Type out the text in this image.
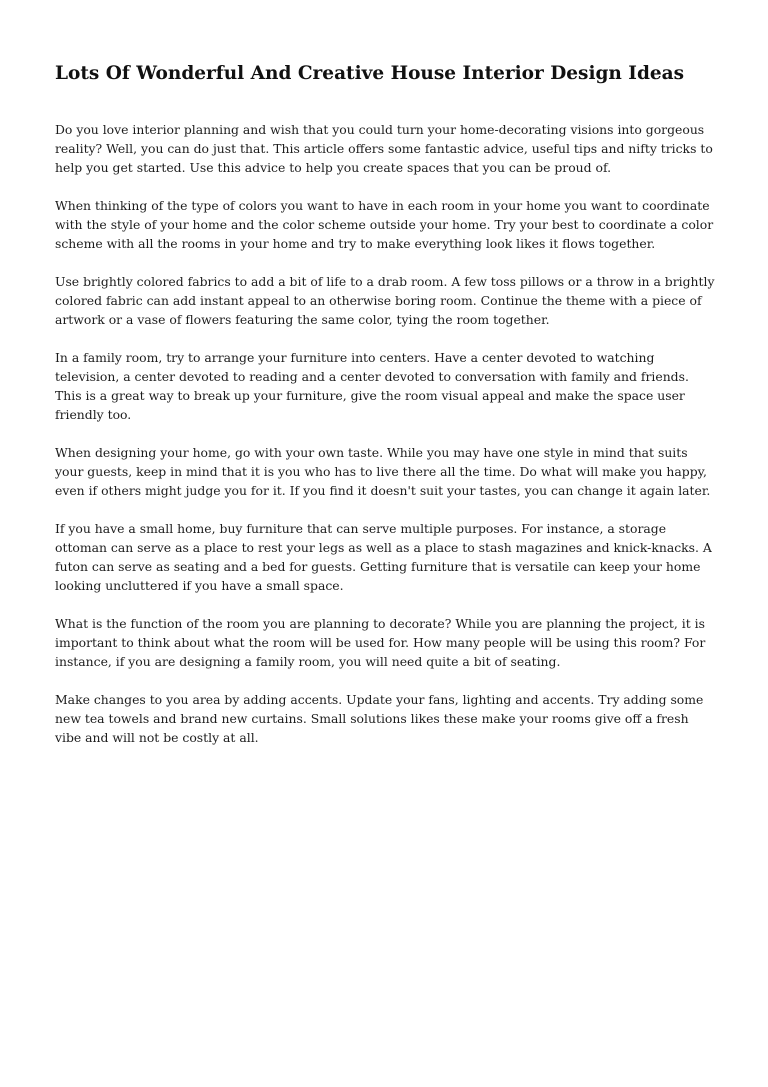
Lots Of Wonderful And Creative House Interior Design Ideas

Do you love interior planning and wish that you could turn your home-decorating visions into gorgeous reality? Well, you can do just that. This article offers some fantastic advice, useful tips and nifty tricks to help you get started. Use this advice to help you create spaces that you can be proud of.

When thinking of the type of colors you want to have in each room in your home you want to coordinate with the style of your home and the color scheme outside your home. Try your best to coordinate a color scheme with all the rooms in your home and try to make everything look likes it flows together.

Use brightly colored fabrics to add a bit of life to a drab room. A few toss pillows or a throw in a brightly colored fabric can add instant appeal to an otherwise boring room. Continue the theme with a piece of artwork or a vase of flowers featuring the same color, tying the room together.

In a family room, try to arrange your furniture into centers. Have a center devoted to watching television, a center devoted to reading and a center devoted to conversation with family and friends. This is a great way to break up your furniture, give the room visual appeal and make the space user friendly too.

When designing your home, go with your own taste. While you may have one style in mind that suits your guests, keep in mind that it is you who has to live there all the time. Do what will make you happy, even if others might judge you for it. If you find it doesn't suit your tastes, you can change it again later.

If you have a small home, buy furniture that can serve multiple purposes. For instance, a storage ottoman can serve as a place to rest your legs as well as a place to stash magazines and knick-knacks. A futon can serve as seating and a bed for guests. Getting furniture that is versatile can keep your home looking uncluttered if you have a small space.

What is the function of the room you are planning to decorate? While you are planning the project, it is important to think about what the room will be used for. How many people will be using this room? For instance, if you are designing a family room, you will need quite a bit of seating.

Make changes to you area by adding accents. Update your fans, lighting and accents. Try adding some new tea towels and brand new curtains. Small solutions likes these make your rooms give off a fresh vibe and will not be costly at all.
